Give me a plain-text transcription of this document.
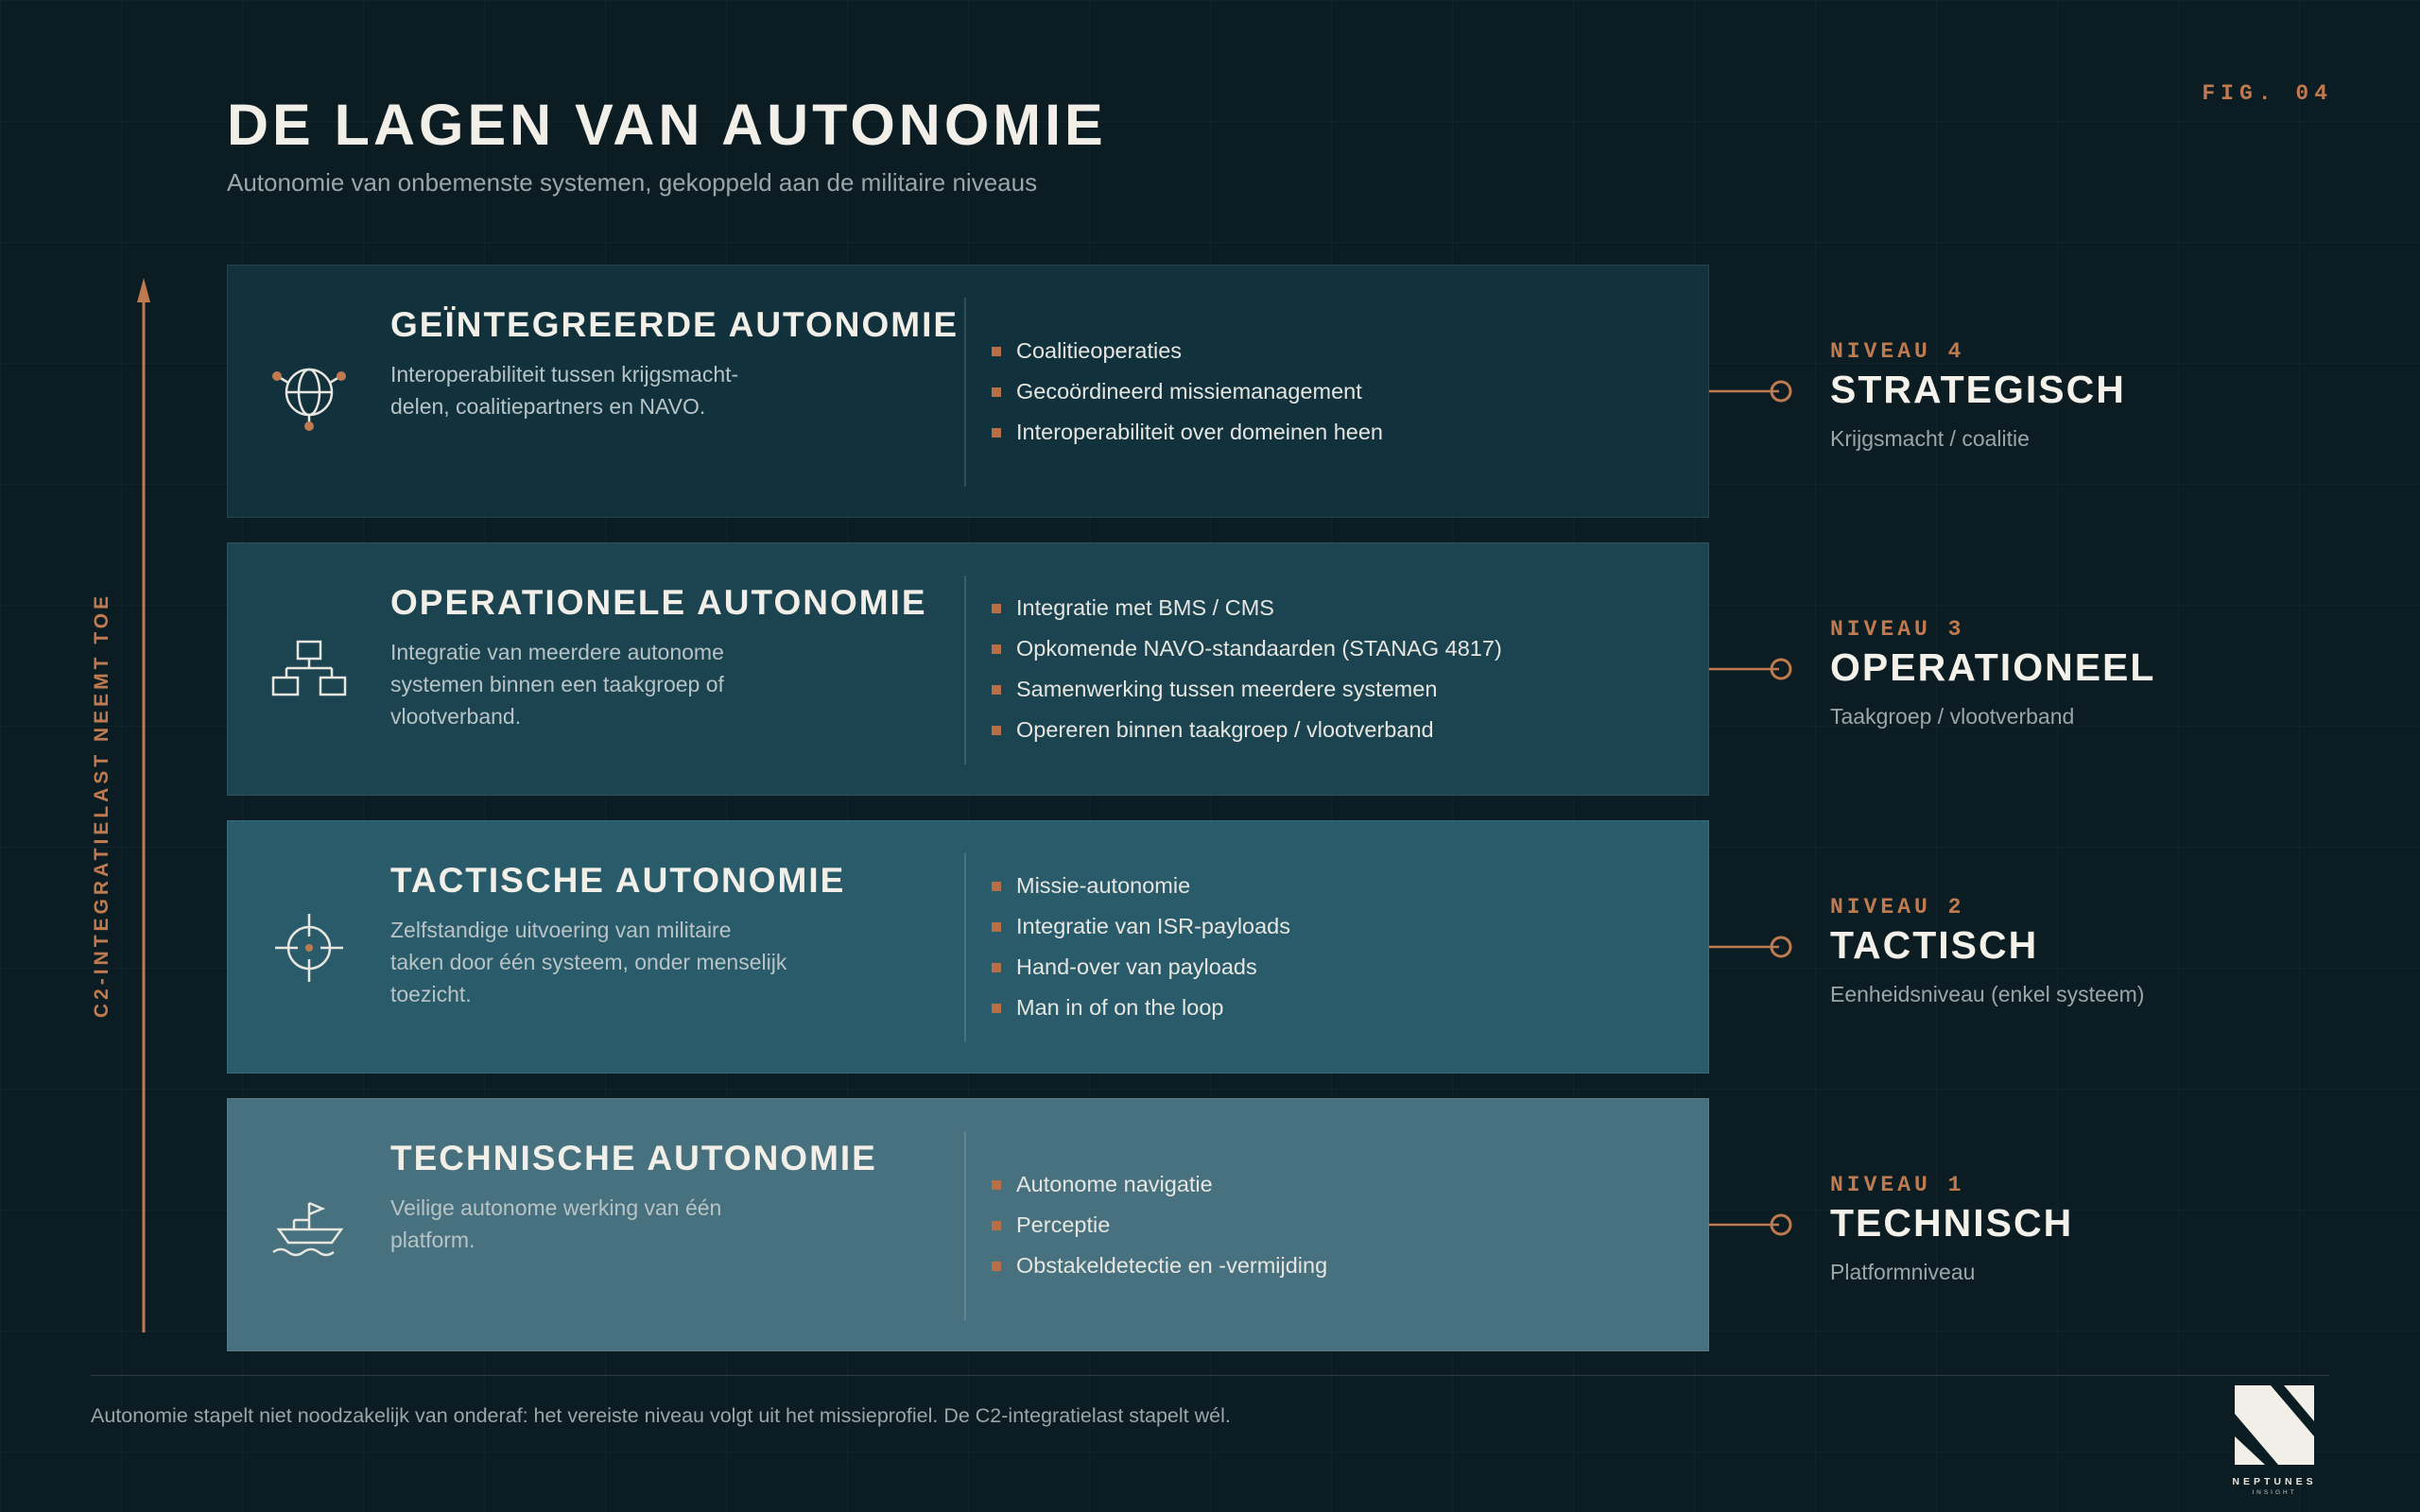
DE LAGEN VAN AUTONOMIE
Autonomie van onbemenste systemen, gekoppeld aan de militaire niveaus
FIG. 04
C2-INTEGRATIELAST NEEMT TOE
GEÏNTEGREERDE AUTONOMIE
Interoperabiliteit tussen krijgsmacht-delen, coalitiepartners en NAVO.
Coalitieoperaties
Gecoördineerd missiemanagement
Interoperabiliteit over domeinen heen
NIVEAU 4
STRATEGISCH
Krijgsmacht / coalitie
OPERATIONELE AUTONOMIE
Integratie van meerdere autonome systemen binnen een taakgroep of vlootverband.
Integratie met BMS / CMS
Opkomende NAVO-standaarden (STANAG 4817)
Samenwerking tussen meerdere systemen
Opereren binnen taakgroep / vlootverband
NIVEAU 3
OPERATIONEEL
Taakgroep / vlootverband
TACTISCHE AUTONOMIE
Zelfstandige uitvoering van militaire taken door één systeem, onder menselijk toezicht.
Missie-autonomie
Integratie van ISR-payloads
Hand-over van payloads
Man in of on the loop
NIVEAU 2
TACTISCH
Eenheidsniveau (enkel systeem)
TECHNISCHE AUTONOMIE
Veilige autonome werking van één platform.
Autonome navigatie
Perceptie
Obstakeldetectie en -vermijding
NIVEAU 1
TECHNISCH
Platformniveau
Autonomie stapelt niet noodzakelijk van onderaf: het vereiste niveau volgt uit het missieprofiel. De C2-integratielast stapelt wél.
NEPTUNES
INSIGHT
